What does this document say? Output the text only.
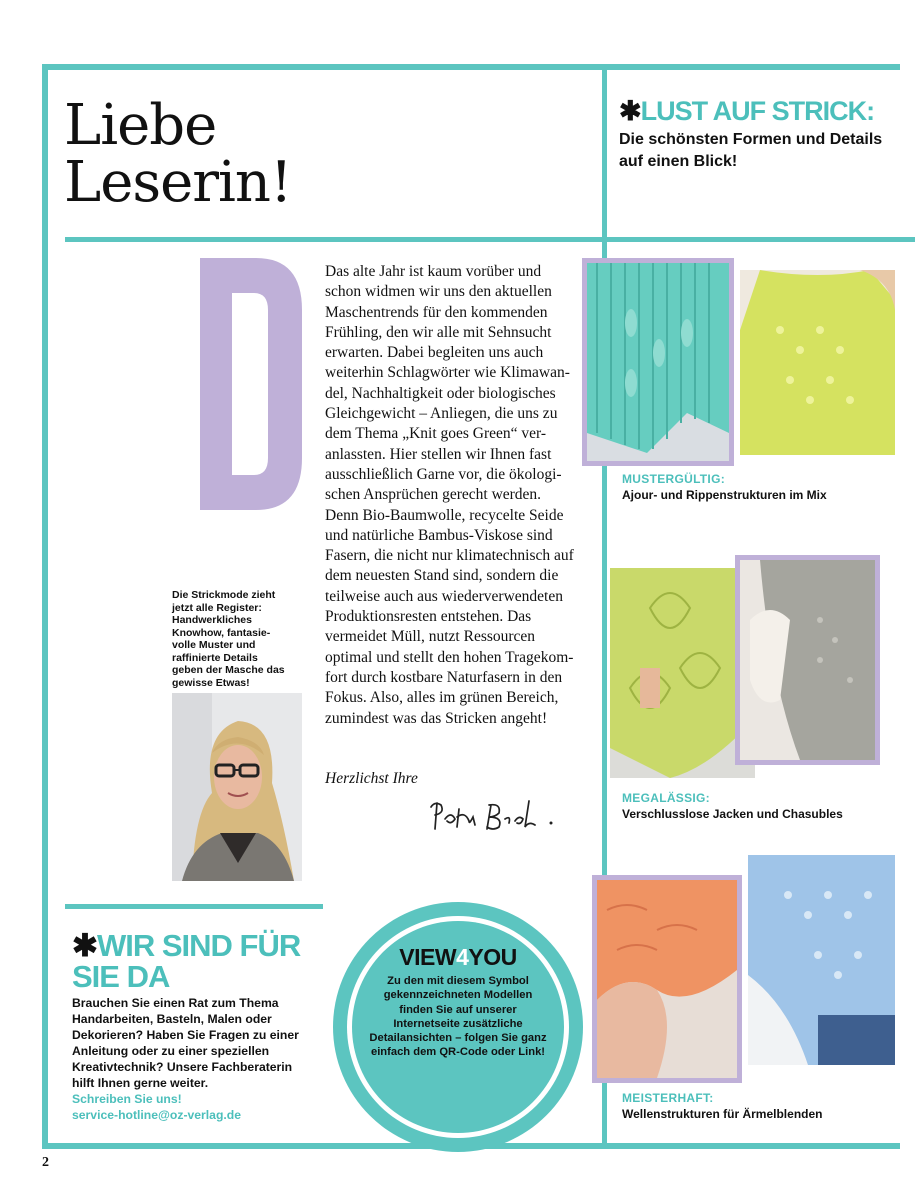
Liebe
Leserin!
✱LUST AUF STRICK:
Die schönsten Formen und Details auf einen Blick!
Das alte Jahr ist kaum vorüber und
schon widmen wir uns den aktuellen
Maschentrends für den kommenden
Frühling, den wir alle mit Sehnsucht
erwarten. Dabei begleiten uns auch
weiterhin Schlagwörter wie Klimawan-
del, Nachhaltigkeit oder biologisches
Gleichgewicht – Anliegen, die uns zu
dem Thema „Knit goes Green“ ver-
anlassten. Hier stellen wir Ihnen fast
ausschließlich Garne vor, die ökologi-
schen Ansprüchen gerecht werden.
Denn Bio-Baumwolle, recycelte Seide
und natürliche Bambus-Viskose sind
Fasern, die nicht nur klimatechnisch auf
dem neuesten Stand sind, sondern die
teilweise auch aus wiederverwendeten
Produktionsresten entstehen. Das
vermeidet Müll, nutzt Ressourcen
optimal und stellt den hohen Tragekom-
fort durch kostbare Naturfasern in den
Fokus. Also, alles im grünen Bereich,
zumindest was das Stricken angeht!
Herzlichst Ihre
Die Strickmode zieht jetzt alle Register: Handwerkliches Knowhow, fantasie-volle Muster und raffinierte Details geben der Masche das gewisse Etwas!
✱WIR SIND FÜR
SIE DA
Brauchen Sie einen Rat zum Thema Handarbeiten, Basteln, Malen oder Dekorieren? Haben Sie Fragen zu einer Anleitung oder zu einer speziellen Kreativtechnik? Unsere Fachberaterin hilft Ihnen gerne weiter.
Schreiben Sie uns!
service-hotline@oz-verlag.de
VIEW4YOU
Zu den mit diesem Symbol gekennzeichneten Modellen finden Sie auf unserer Internetseite zusätzliche Detailansichten – folgen Sie ganz einfach dem QR-Code oder Link!
MUSTERGÜLTIG:
Ajour- und Rippenstrukturen im Mix
MEGALÄSSIG:
Verschlusslose Jacken und Chasubles
MEISTERHAFT:
Wellenstrukturen für Ärmelblenden
2
